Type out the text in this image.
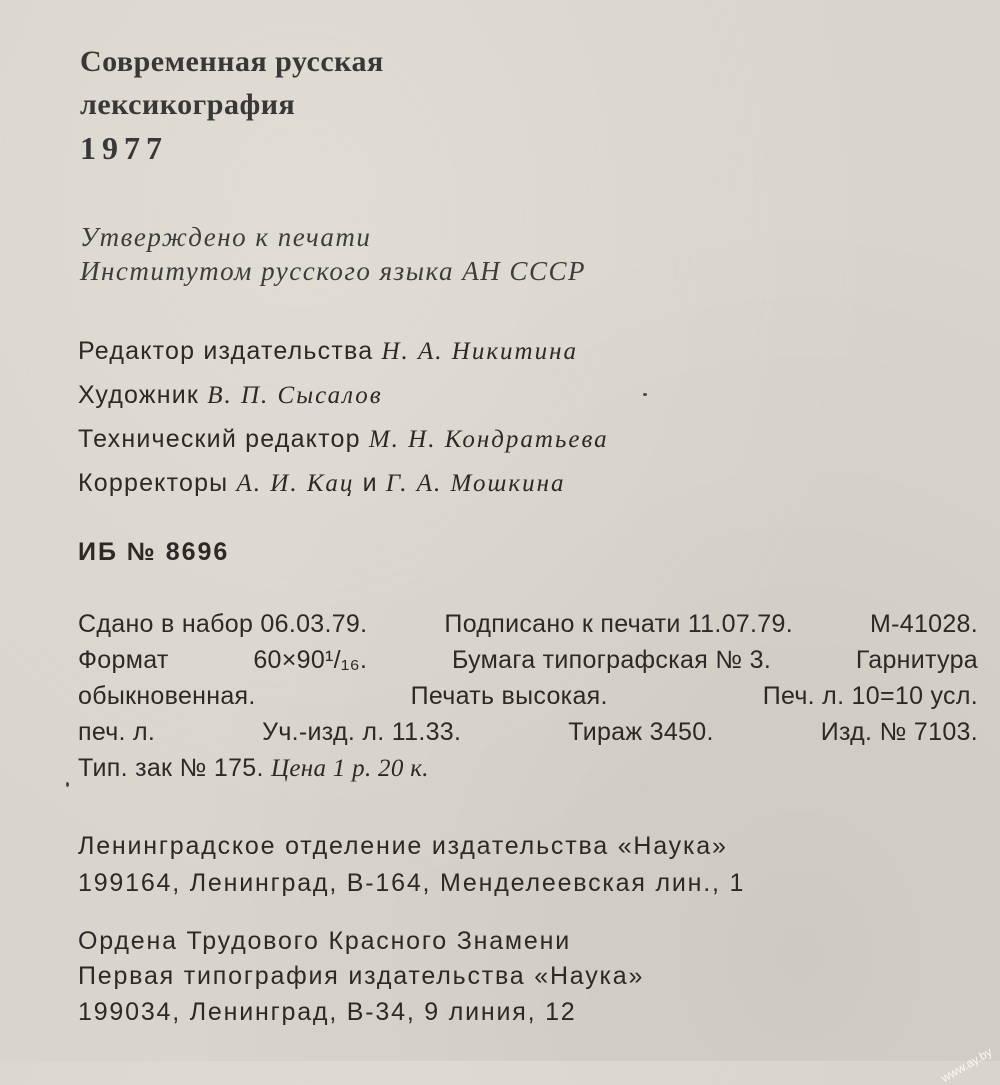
Современная русская
лексикография
1977
Утверждено к печати
Институтом русского языка АН СССР
Редактор издательства Н. А. Никитина
Художник В. П. Сысалов
Технический редактор М. Н. Кондратьева
Корректоры А. И. Кац и Г. А. Мошкина
ИБ № 8696
Сдано в набор 06.03.79.	Подписано к печати 11.07.79.	М-41028.
Формат	60×90¹/₁₆.	Бумага типографская № 3.	Гарнитура
обыкновенная.	Печать высокая.	Печ. л. 10=10 усл.
печ. л.	Уч.-изд. л. 11.33.	Тираж 3450.	Изд. № 7103.
Тип. зак № 175. Цена 1 р. 20 к.
Ленинградское отделение издательства «Наука»
199164, Ленинград, В-164, Менделеевская лин., 1
Ордена Трудового Красного Знамени
Первая типография издательства «Наука»
199034, Ленинград, В-34, 9 линия, 12
www.ay.by
